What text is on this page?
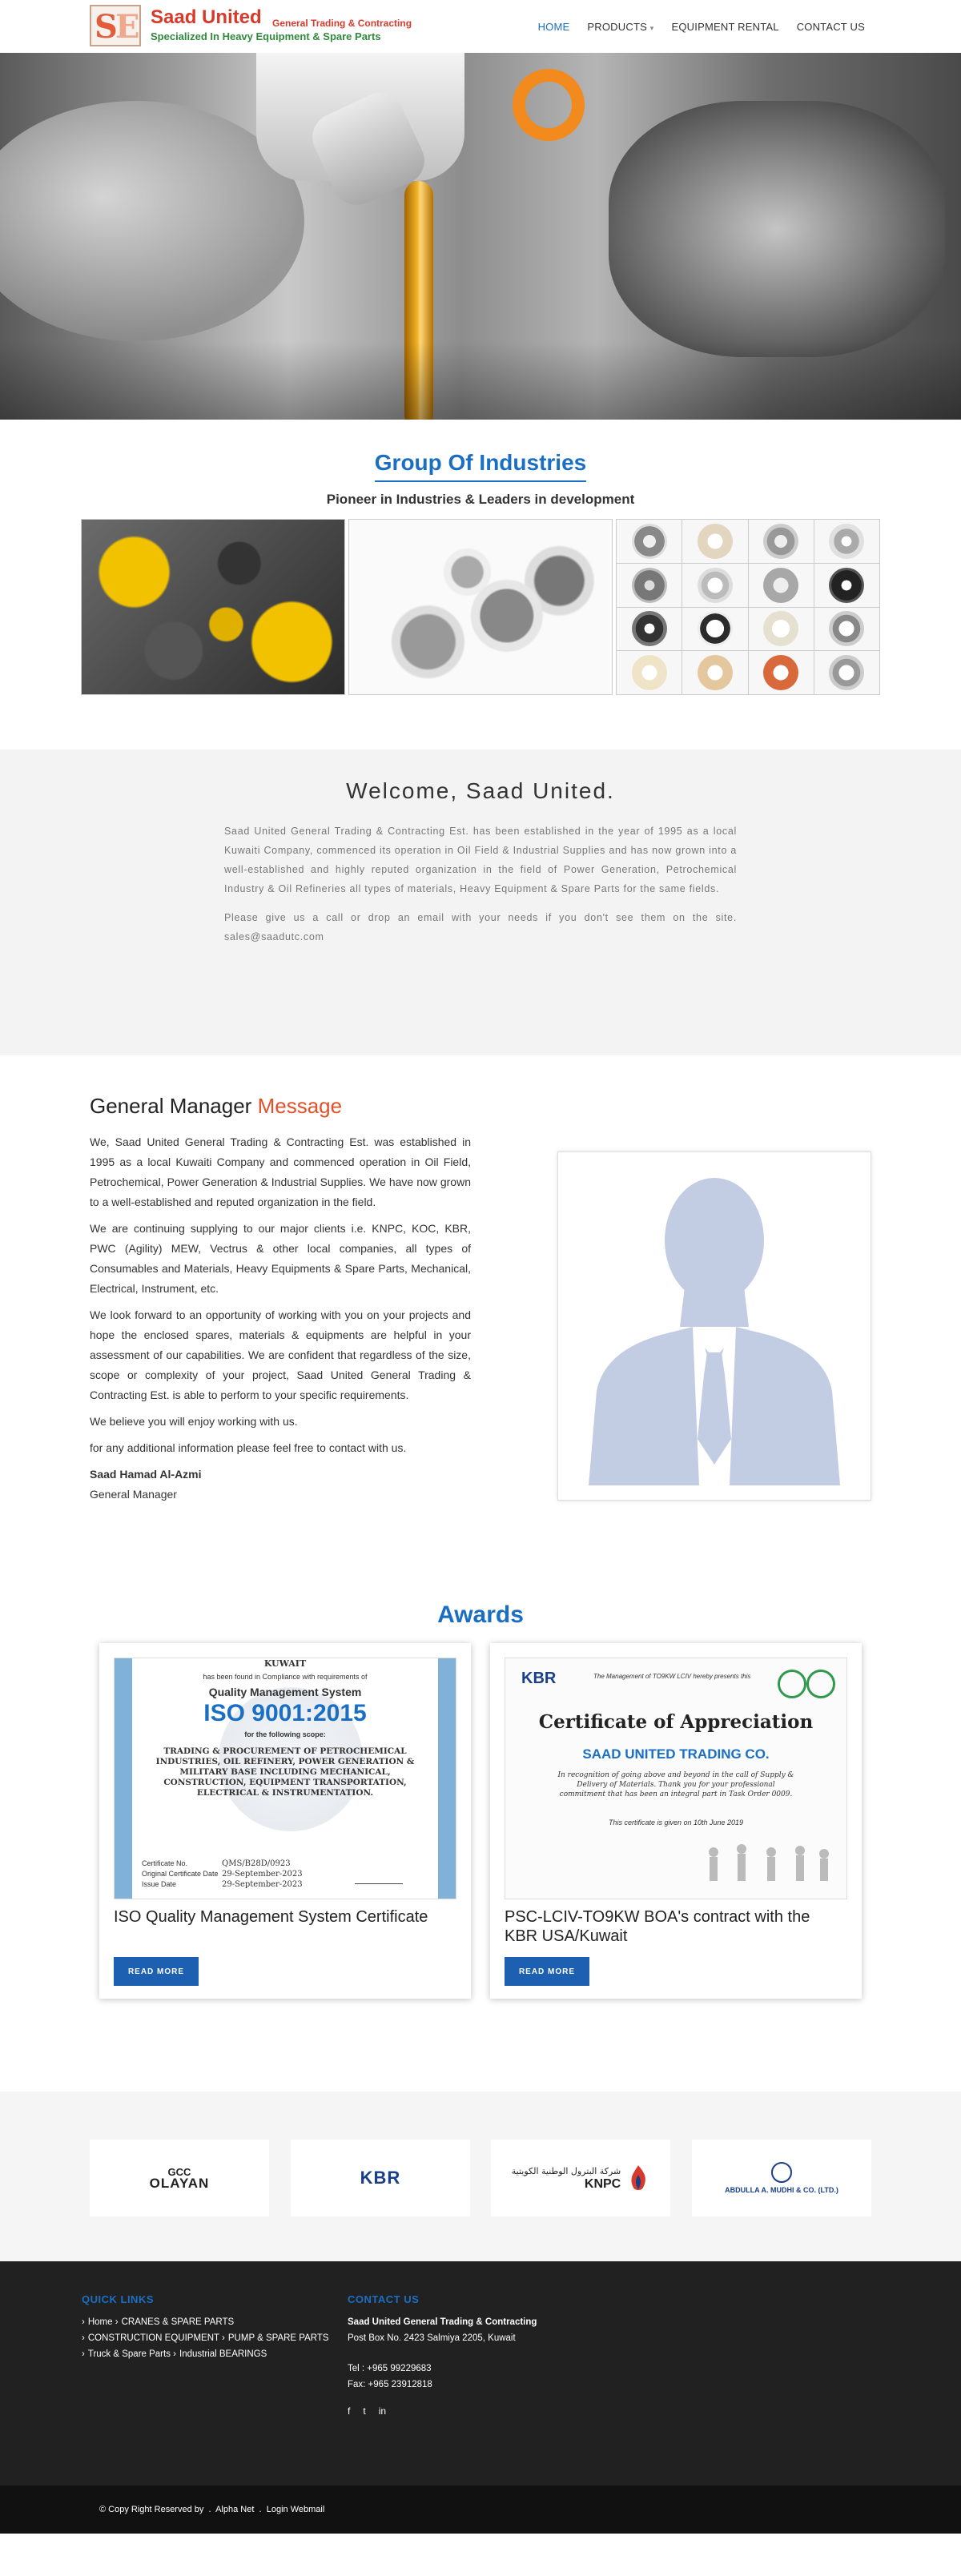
S
E Saad United General Trading & Contracting
Specialized In Heavy Equipment & Spare Parts
HOME PRODUCTS ▾ EQUIPMENT RENTAL CONTACT US
Group Of Industries
Pioneer in Industries & Leaders in development
Welcome, Saad United.

Saad United General Trading & Contracting Est. has been established in the year of 1995 as a local Kuwaiti Company, commenced its operation in Oil Field & Industrial Supplies and has now grown into a well-established and highly reputed organization in the field of Power Generation, Petrochemical Industry & Oil Refineries all types of materials, Heavy Equipment & Spare Parts for the same fields.

Please give us a call or drop an email with your needs if you don't see them on the site. sales@saadutc.com

General Manager Message

We, Saad United General Trading & Contracting Est. was established in 1995 as a local Kuwaiti Company and commenced operation in Oil Field, Petrochemical, Power Generation & Industrial Supplies. We have now grown to a well-established and reputed organization in the field.

We are continuing supplying to our major clients i.e. KNPC, KOC, KBR, PWC (Agility) MEW, Vectrus & other local companies, all types of Consumables and Materials, Heavy Equipments & Spare Parts, Mechanical, Electrical, Instrument, etc.

We look forward to an opportunity of working with you on your projects and hope the enclosed spares, materials & equipments are helpful in your assessment of our capabilities. We are confident that regardless of the size, scope or complexity of your project, Saad United General Trading & Contracting Est. is able to perform to your specific requirements.

We believe you will enjoy working with us.

for any additional information please feel free to contact with us.

Saad Hamad Al-Azmi

General Manager

Awards
KUWAIT
has been found in Compliance with requirements of
Quality Management System
ISO 9001:2015
for the following scope:
TRADING & PROCUREMENT OF PETROCHEMICAL INDUSTRIES, OIL REFINERY, POWER GENERATION & MILITARY BASE INCLUDING MECHANICAL, CONSTRUCTION, EQUIPMENT TRANSPORTATION, ELECTRICAL & INSTRUMENTATION.
Certificate No.	QMS/B28D/0923
Original Certificate Date 29-September-2023
Issue Date	29-September-2023
ISO Quality Management System Certificate
READ MORE
KBR	The Management of TO9KW LCIV hereby presents this
Certificate of Appreciation
SAAD UNITED TRADING CO.
In recognition of going above and beyond in the call of Supply & Delivery of Materials. Thank you for your professional commitment that has been an integral part in Task Order 0009.
This certificate is given on 10th June 2019
PSC-LCIV-TO9KW BOA's contract with the KBR USA/Kuwait
READ MORE
GCC
OLAYAN	KBR	شركة البترول الوطنية الكويتية
KNPC	ABDULLA A. MUDHI & CO. (LTD.)
QUICK LINKS
› Home › CRANES & SPARE PARTS
› CONSTRUCTION EQUIPMENT › PUMP & SPARE PARTS
› Truck & Spare Parts › Industrial BEARINGS
CONTACT US
Saad United General Trading & Contracting
Post Box No. 2423 Salmiya 2205, Kuwait
Tel : +965 99229683
Fax: +965 23912818
f t in
© Copy Right Reserved by . Alpha Net . Login Webmail
